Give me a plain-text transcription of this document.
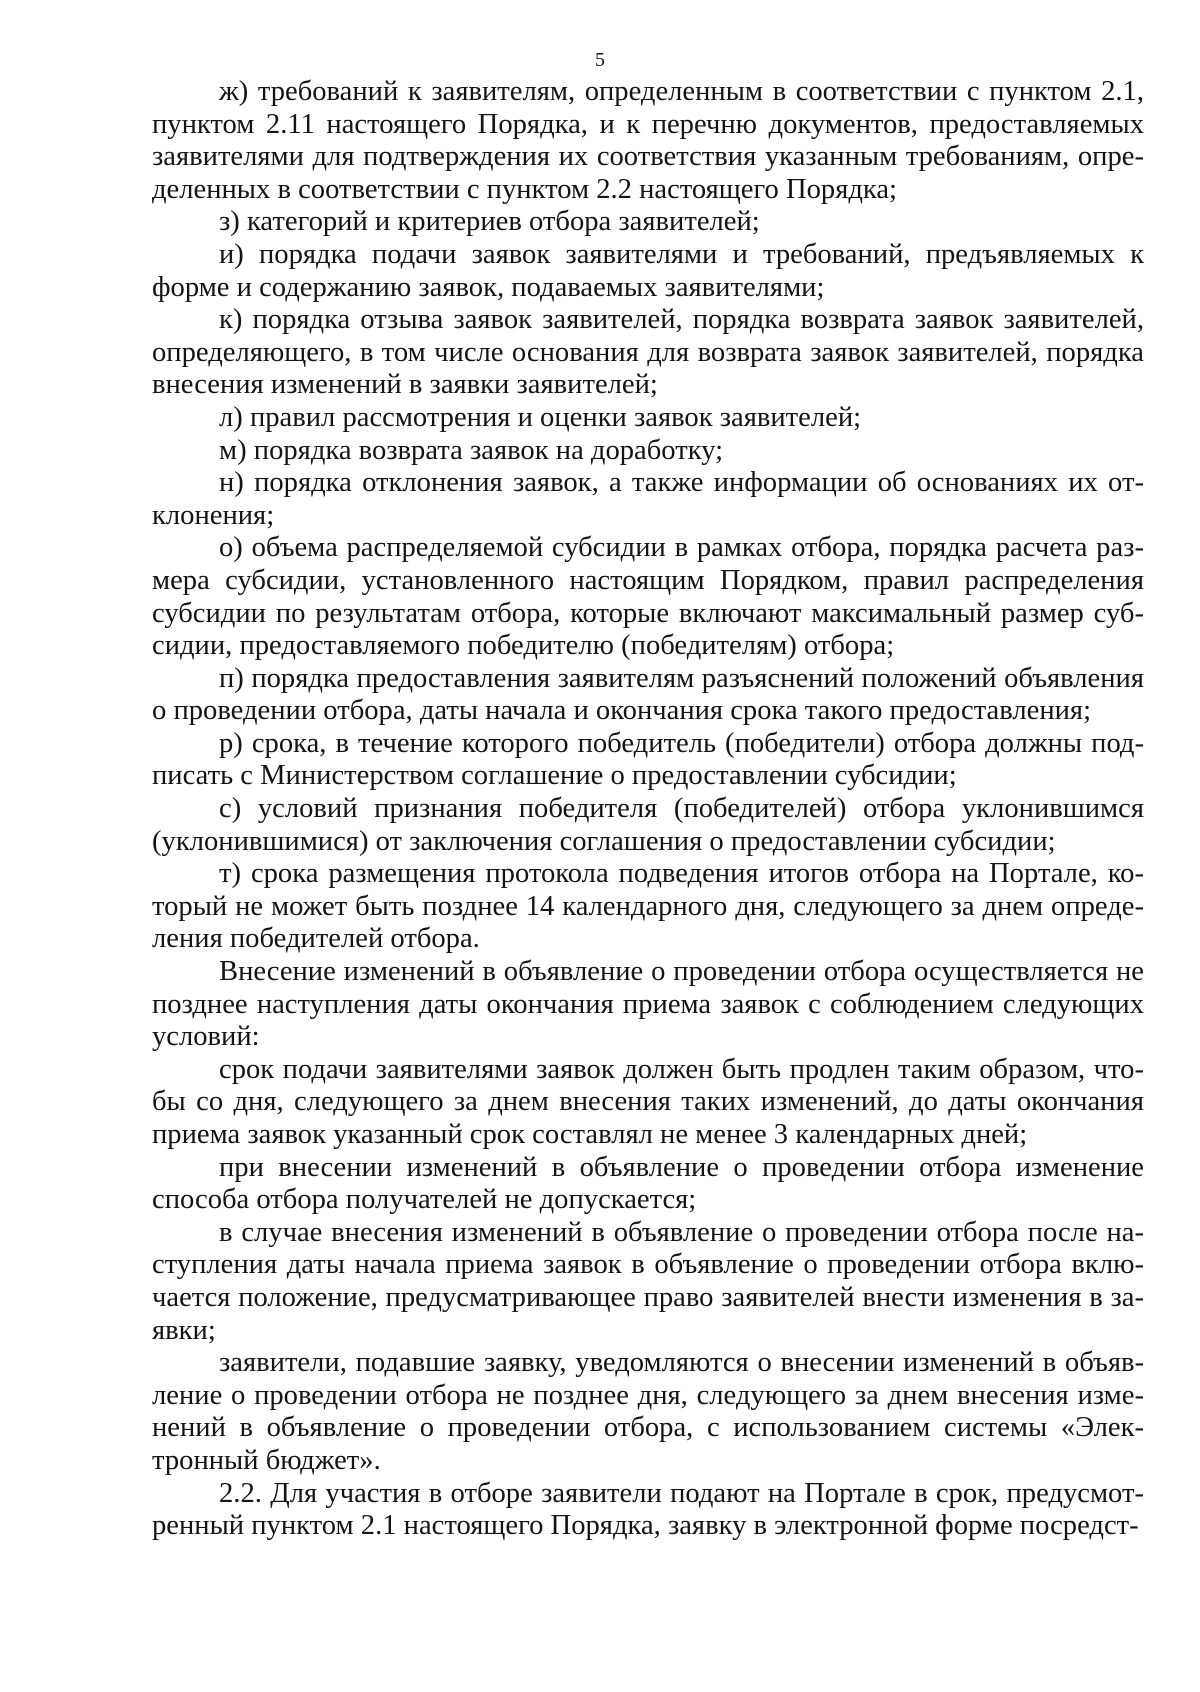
5

ж) требований к заявителям, определенным в соответствии с пунктом 2.1, пунктом 2.11 настоящего Порядка, и к перечню документов, предоставляемых заявителями для подтверждения их соответствия указанным требованиям, определенных в соответствии с пунктом 2.2 настоящего Порядка;

з) категорий и критериев отбора заявителей;

и) порядка подачи заявок заявителями и требований, предъявляемых к форме и содержанию заявок, подаваемых заявителями;

к) порядка отзыва заявок заявителей, порядка возврата заявок заявителей, определяющего, в том числе основания для возврата заявок заявителей, порядка внесения изменений в заявки заявителей;

л) правил рассмотрения и оценки заявок заявителей;

м) порядка возврата заявок на доработку;

н) порядка отклонения заявок, а также информации об основаниях их отклонения;

о) объема распределяемой субсидии в рамках отбора, порядка расчета размера субсидии, установленного настоящим Порядком, правил распределения субсидии по результатам отбора, которые включают максимальный размер субсидии, предоставляемого победителю (победителям) отбора;

п) порядка предоставления заявителям разъяснений положений объявления о проведении отбора, даты начала и окончания срока такого предоставления;

р) срока, в течение которого победитель (победители) отбора должны подписать с Министерством соглашение о предоставлении субсидии;

с) условий признания победителя (победителей) отбора уклонившимся (уклонившимися) от заключения соглашения о предоставлении субсидии;

т) срока размещения протокола подведения итогов отбора на Портале, который не может быть позднее 14 календарного дня, следующего за днем определения победителей отбора.

Внесение изменений в объявление о проведении отбора осуществляется не позднее наступления даты окончания приема заявок с соблюдением следующих условий:

срок подачи заявителями заявок должен быть продлен таким образом, чтобы со дня, следующего за днем внесения таких изменений, до даты окончания приема заявок указанный срок составлял не менее 3 календарных дней;

при внесении изменений в объявление о проведении отбора изменение способа отбора получателей не допускается;

в случае внесения изменений в объявление о проведении отбора после наступления даты начала приема заявок в объявление о проведении отбора включается положение, предусматривающее право заявителей внести изменения в заявки;

заявители, подавшие заявку, уведомляются о внесении изменений в объявление о проведении отбора не позднее дня, следующего за днем внесения изменений в объявление о проведении отбора, с использованием системы «Электронный бюджет».

2.2. Для участия в отборе заявители подают на Портале в срок, предусмотренный пунктом 2.1 настоящего Порядка, заявку в электронной форме посредст-
